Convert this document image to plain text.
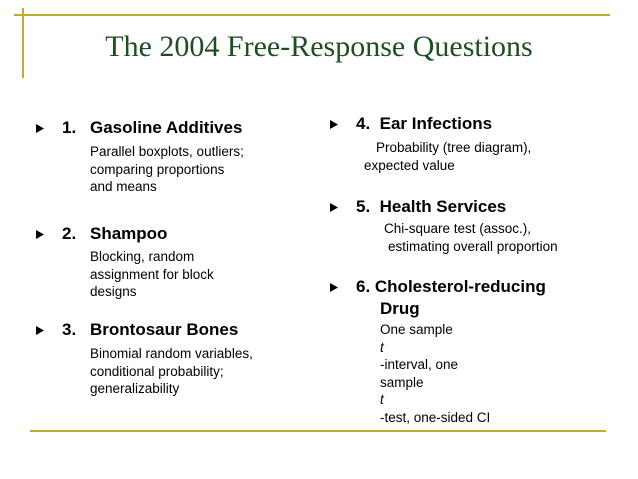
The 2004 Free-Response Questions
1. Gasoline Additives
Parallel boxplots, outliers;
comparing proportions
and means
2. Shampoo
Blocking, random
assignment for block
designs
3. Brontosaur Bones
Binomial random variables,
conditional probability;
generalizability
4.  Ear Infections
Probability (tree diagram),
expected value
5.  Health Services
Chi-square test (assoc.),
estimating overall proportion
6. Cholesterol-reducing
Drug
One sample
t
-interval, one
sample
t
-test, one-sided CI
